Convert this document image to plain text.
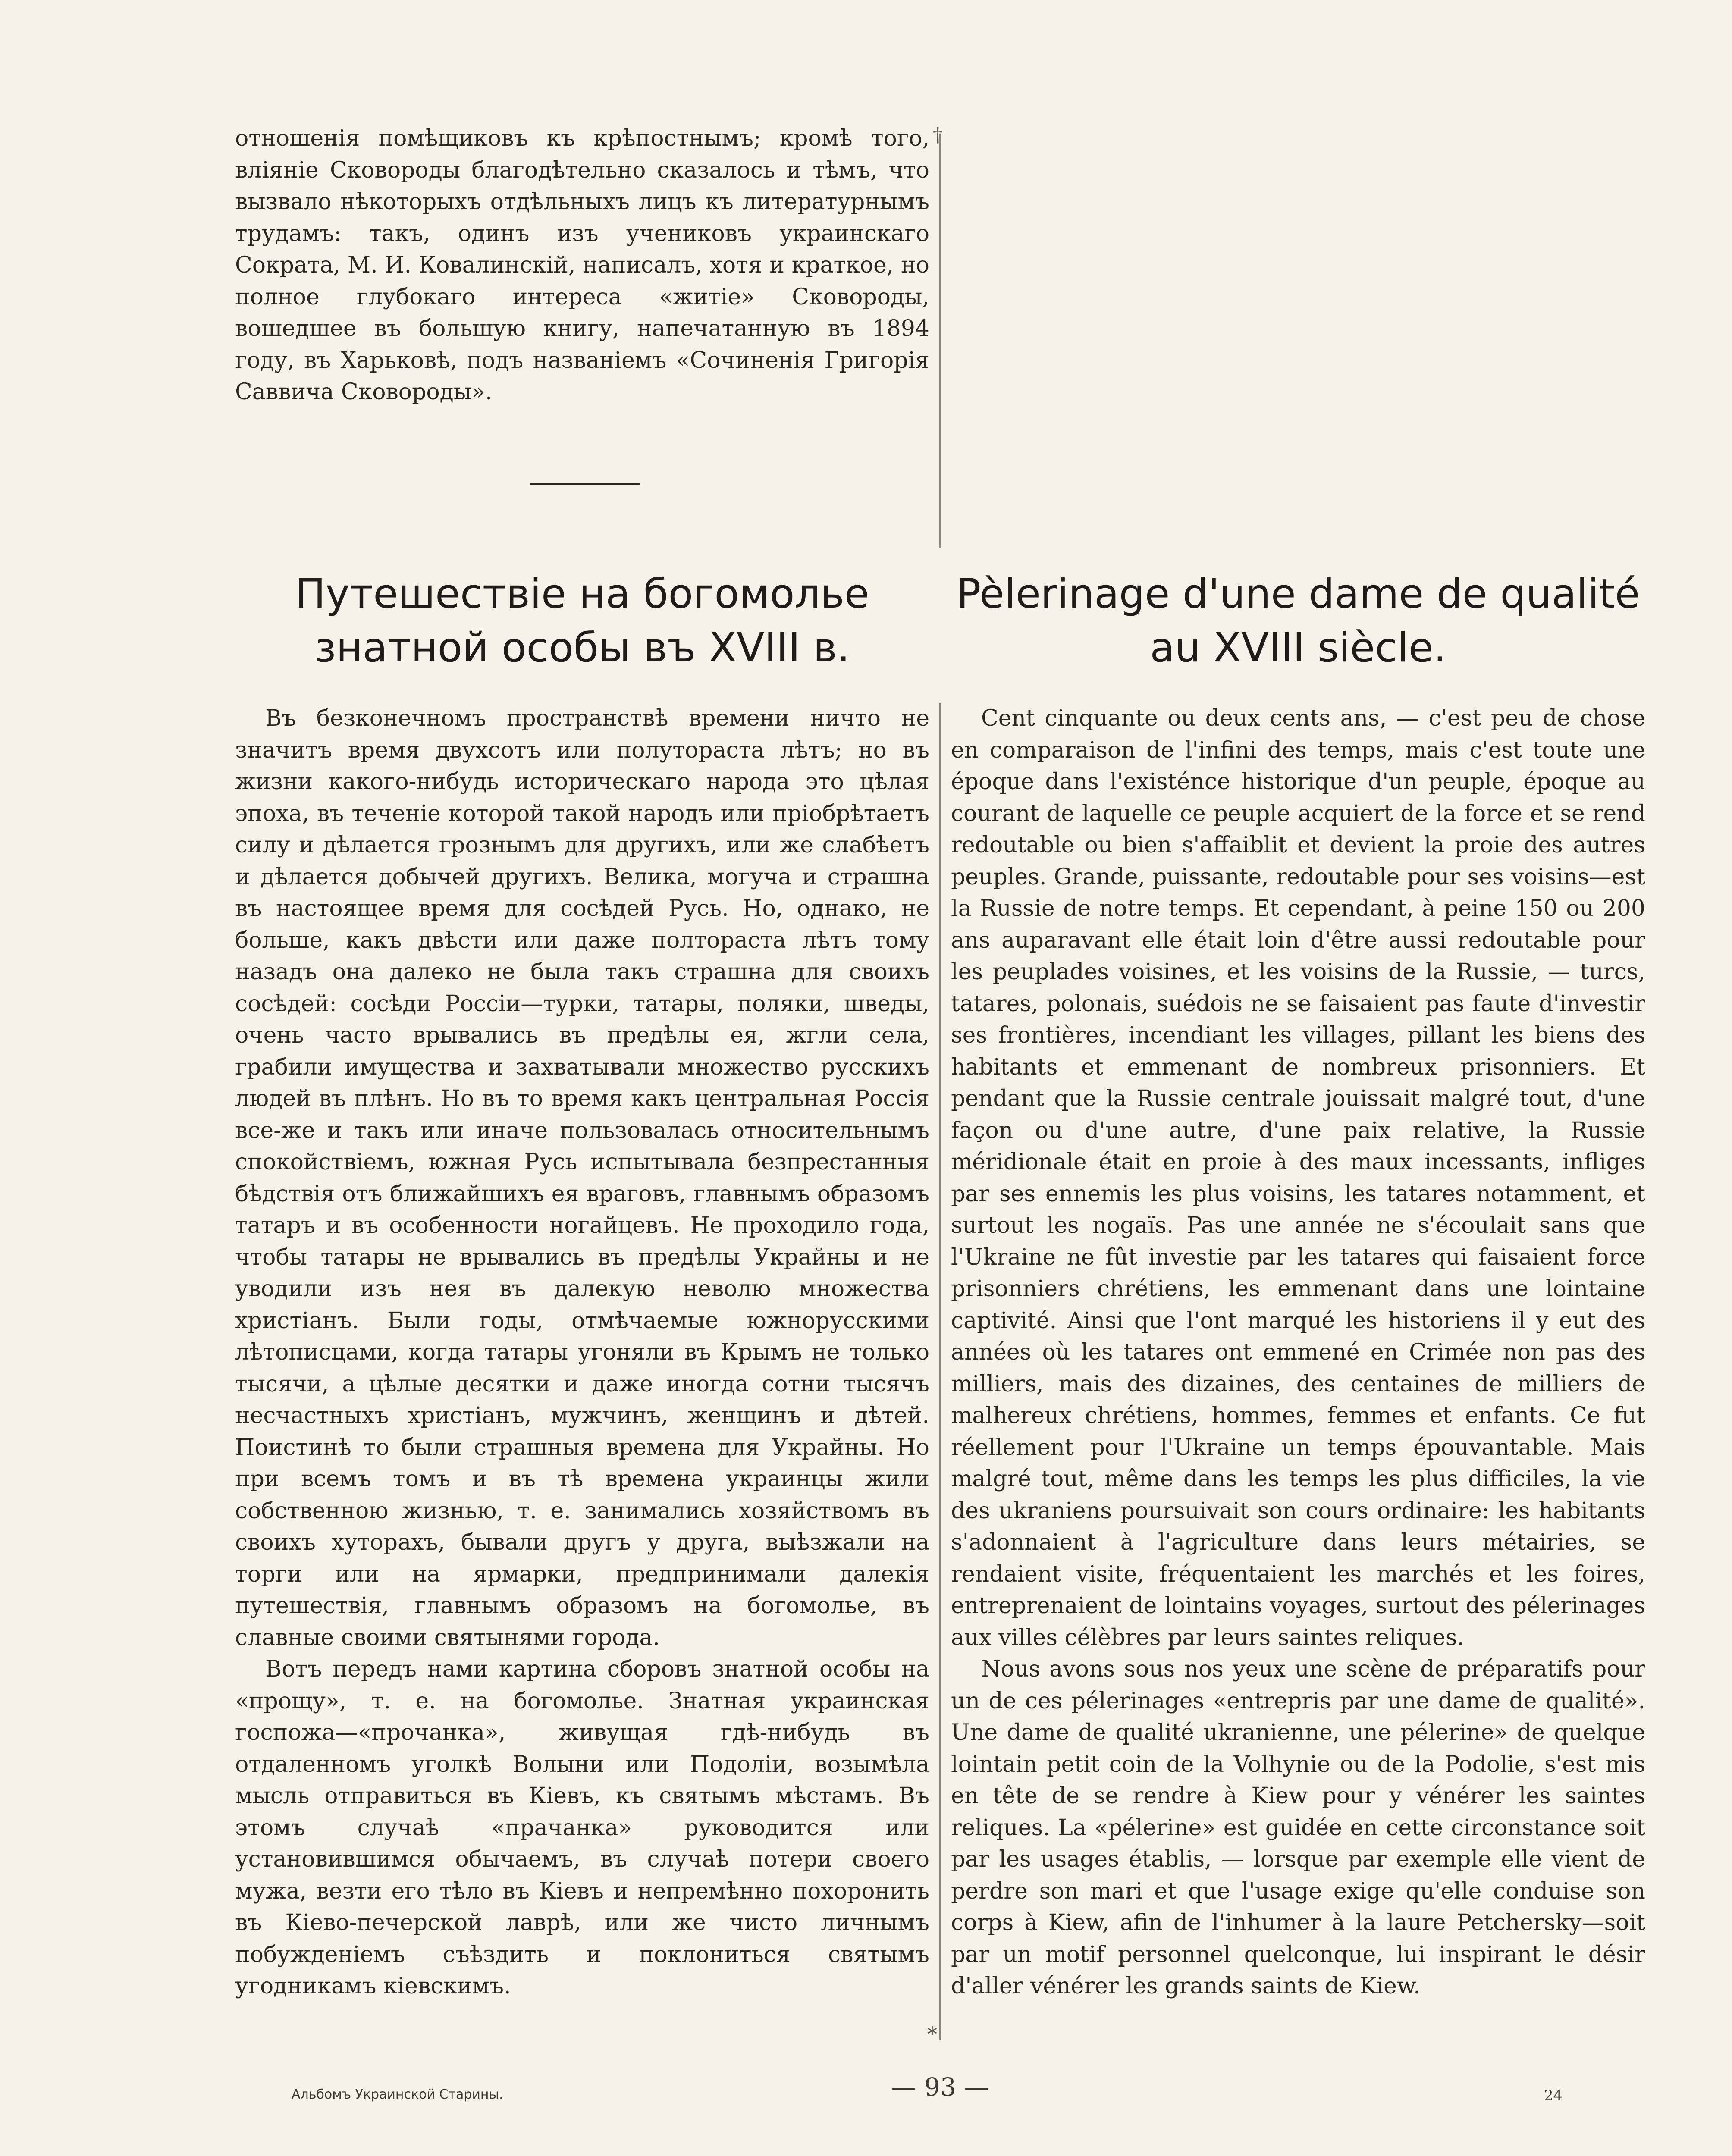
отношенія помѣщиковъ къ крѣпостнымъ; кромѣ того, вліяніе Сковороды благодѣтельно сказалось и тѣмъ, что вызвало нѣкоторыхъ отдѣльныхъ лицъ къ литературнымъ трудамъ: такъ, одинъ изъ учениковъ украинскаго Сократа, М. И. Ковалинскій, написалъ, хотя и краткое, но полное глубокаго интереса «житіе» Сковороды, вошедшее въ большую книгу, напечатанную въ 1894 году, въ Харьковѣ, подъ названіемъ «Сочиненія Григорія Саввича Сковороды».

†
*
Путешествіе на богомолье знатной особы въ XVIII в.
Pèlerinage d'une dame de qualité au XVIII siècle.

Въ безконечномъ пространствѣ времени ничто не значитъ время двухсотъ или полутораста лѣтъ; но въ жизни какого-нибудь историческаго народа это цѣлая эпоха, въ теченіе которой такой народъ или пріобрѣтаетъ силу и дѣлается грознымъ для другихъ, или же слабѣетъ и дѣлается добычей другихъ. Велика, могуча и страшна въ настоящее время для сосѣдей Русь. Но, однако, не больше, какъ двѣсти или даже полтораста лѣтъ тому назадъ она далеко не была такъ страшна для своихъ сосѣдей: сосѣди Россіи—турки, татары, поляки, шведы, очень часто врывались въ предѣлы ея, жгли села, грабили имущества и захватывали множество русскихъ людей въ плѣнъ. Но въ то время какъ центральная Россія все-же и такъ или иначе пользовалась относительнымъ спокойствіемъ, южная Русь испытывала безпрестанныя бѣдствія отъ ближайшихъ ея враговъ, главнымъ образомъ татаръ и въ особенности ногайцевъ. Не проходило года, чтобы татары не врывались въ предѣлы Украйны и не уводили изъ нея въ далекую неволю множества христіанъ. Были годы, отмѣчаемые южнорусскими лѣтописцами, когда татары угоняли въ Крымъ не только тысячи, а цѣлые десятки и даже иногда сотни тысячъ несчастныхъ христіанъ, мужчинъ, женщинъ и дѣтей. Поистинѣ то были страшныя времена для Украйны. Но при всемъ томъ и въ тѣ времена украинцы жили собственною жизнью, т. е. занимались хозяйствомъ въ своихъ хуторахъ, бывали другъ у друга, выѣзжали на торги или на ярмарки, предпринимали далекія путешествія, главнымъ образомъ на богомолье, въ славные своими святынями города.

Вотъ передъ нами картина сборовъ знатной особы на «прощу», т. е. на богомолье. Знатная украинская госпожа—«прочанка», живущая гдѣ-нибудь въ отдаленномъ уголкѣ Волыни или Подоліи, возымѣла мысль отправиться въ Кіевъ, къ святымъ мѣстамъ. Въ этомъ случаѣ «прачанка» руководится или установившимся обычаемъ, въ случаѣ потери своего мужа, везти его тѣло въ Кіевъ и непремѣнно похоронить въ Кіево-печерской лаврѣ, или же чисто личнымъ побужденіемъ съѣздить и поклониться святымъ угодникамъ кіевскимъ.

Cent cinquante ou deux cents ans, — c'est peu de chose en comparaison de l'infini des temps, mais c'est toute une époque dans l'existénce historique d'un peuple, époque au courant de laquelle ce peuple acquiert de la force et se rend redoutable ou bien s'affaiblit et devient la proie des autres peuples. Grande, puissante, redoutable pour ses voisins—est la Russie de notre temps. Et cependant, à peine 150 ou 200 ans auparavant elle était loin d'être aussi redoutable pour les peuplades voisines, et les voisins de la Russie, — turcs, tatares, polonais, suédois ne se faisaient pas faute d'investir ses frontières, incendiant les villages, pillant les biens des habitants et emmenant de nombreux prisonniers. Et pendant que la Russie centrale jouissait malgré tout, d'une façon ou d'une autre, d'une paix relative, la Russie méridionale était en proie à des maux incessants, infliges par ses ennemis les plus voisins, les tatares notamment, et surtout les nogaïs. Pas une année ne s'écoulait sans que l'Ukraine ne fût investie par les tatares qui faisaient force prisonniers chrétiens, les emmenant dans une lointaine captivité. Ainsi que l'ont marqué les historiens il y eut des années où les tatares ont emmené en Crimée non pas des milliers, mais des dizaines, des centaines de milliers de malhereux chrétiens, hommes, femmes et enfants. Ce fut réellement pour l'Ukraine un temps épouvantable. Mais malgré tout, même dans les temps les plus difficiles, la vie des ukraniens poursuivait son cours ordinaire: les habitants s'adonnaient à l'agriculture dans leurs métairies, se rendaient visite, fréquentaient les marchés et les foires, entreprenaient de lointains voyages, surtout des pélerinages aux villes célèbres par leurs saintes reliques.

Nous avons sous nos yeux une scène de préparatifs pour un de ces pélerinages «entrepris par une dame de qualité». Une dame de qualité ukranienne, une pélerine» de quelque lointain petit coin de la Volhynie ou de la Podolie, s'est mis en tête de se rendre à Kiew pour y vénérer les saintes reliques. La «pélerine» est guidée en cette circonstance soit par les usages établis, — lorsque par exemple elle vient de perdre son mari et que l'usage exige qu'elle conduise son corps à Kiew, afin de l'inhumer à la laure Petchersky—soit par un motif personnel quelconque, lui inspirant le désir d'aller vénérer les grands saints de Kiew.

Альбомъ Украинской Старины.	— 93 —	24
